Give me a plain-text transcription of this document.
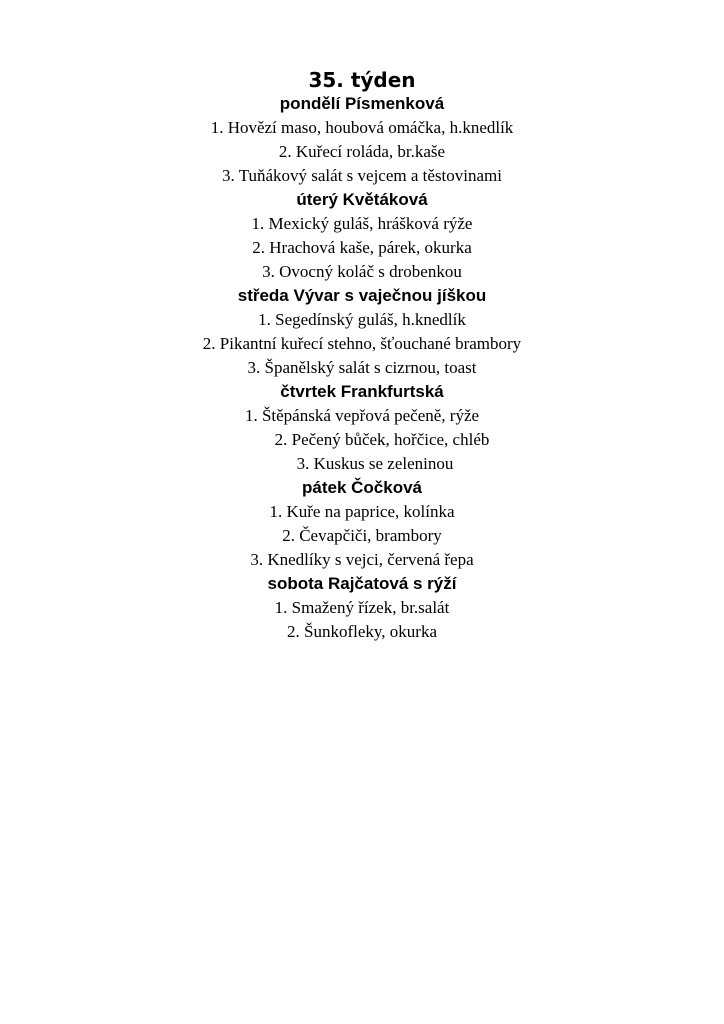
35. týden
pondělí Písmenková
1. Hovězí maso, houbová omáčka, h.knedlík
2. Kuřecí roláda, br.kaše
3. Tuňákový salát s vejcem a těstovinami
úterý Květáková
1. Mexický guláš, hrášková rýže
2. Hrachová kaše, párek, okurka
3. Ovocný koláč s drobenkou
středa Vývar s vaječnou jíškou
1. Segedínský guláš, h.knedlík
2. Pikantní kuřecí stehno, šťouchané brambory
3. Španělský salát s cizrnou, toast
čtvrtek Frankfurtská
1. Štěpánská vepřová pečeně, rýže
2. Pečený bůček, hořčice, chléb
3. Kuskus se zeleninou
pátek Čočková
1. Kuře na paprice, kolínka
2. Čevapčiči, brambory
3. Knedlíky s vejci, červená řepa
sobota Rajčatová s rýží
1. Smažený řízek, br.salát
2. Šunkofleky, okurka
